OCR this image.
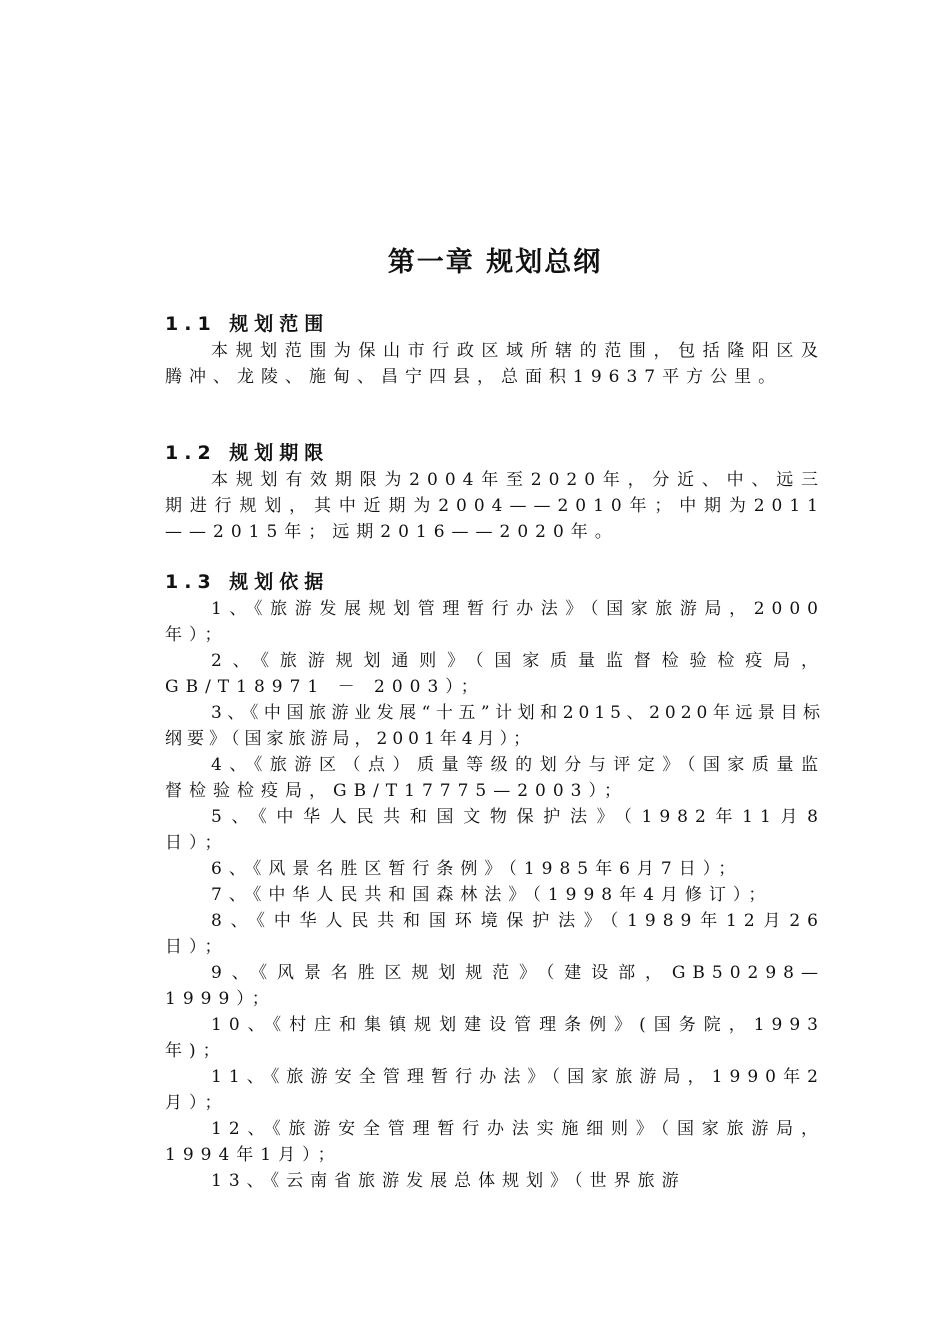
第一章 规划总纲
1.1 规划范围

本规划范围为保山市行政区域所辖的范围，包括隆阳区及腾冲、龙陵、施甸、昌宁四县，总面积19637平方公里。

1.2 规划期限

本规划有效期限为2004年至2020年，分近、中、远三期进行规划，其中近期为2004——2010年；中期为2011——2015年；远期2016——2020年。

1.3 规划依据

1、《旅游发展规划管理暂行办法》（国家旅游局，2000年）；

2、《旅游规划通则》（国家质量监督检验检疫局，GB/T18971 － 2003）；

3、《中国旅游业发展“十五”计划和2015、2020年远景目标纲要》（国家旅游局，2001年4月）；

4、《旅游区（点）质量等级的划分与评定》（国家质量监督检验检疫局，GB/T17775—2003）；

5、《中华人民共和国文物保护法》（1982年11月8日）；

6、《风景名胜区暂行条例》（1985年6月7日）；

7、《中华人民共和国森林法》（1998年4月修订）；

8、《中华人民共和国环境保护法》（1989年12月26日）；

9、《风景名胜区规划规范》（建设部，GB50298—1999）；

10、《村庄和集镇规划建设管理条例》(国务院，1993年)；

11、《旅游安全管理暂行办法》（国家旅游局，1990年2月）；

12、《旅游安全管理暂行办法实施细则》（国家旅游局，1994年1月）；

13、《云南省旅游发展总体规划》（世界旅游
